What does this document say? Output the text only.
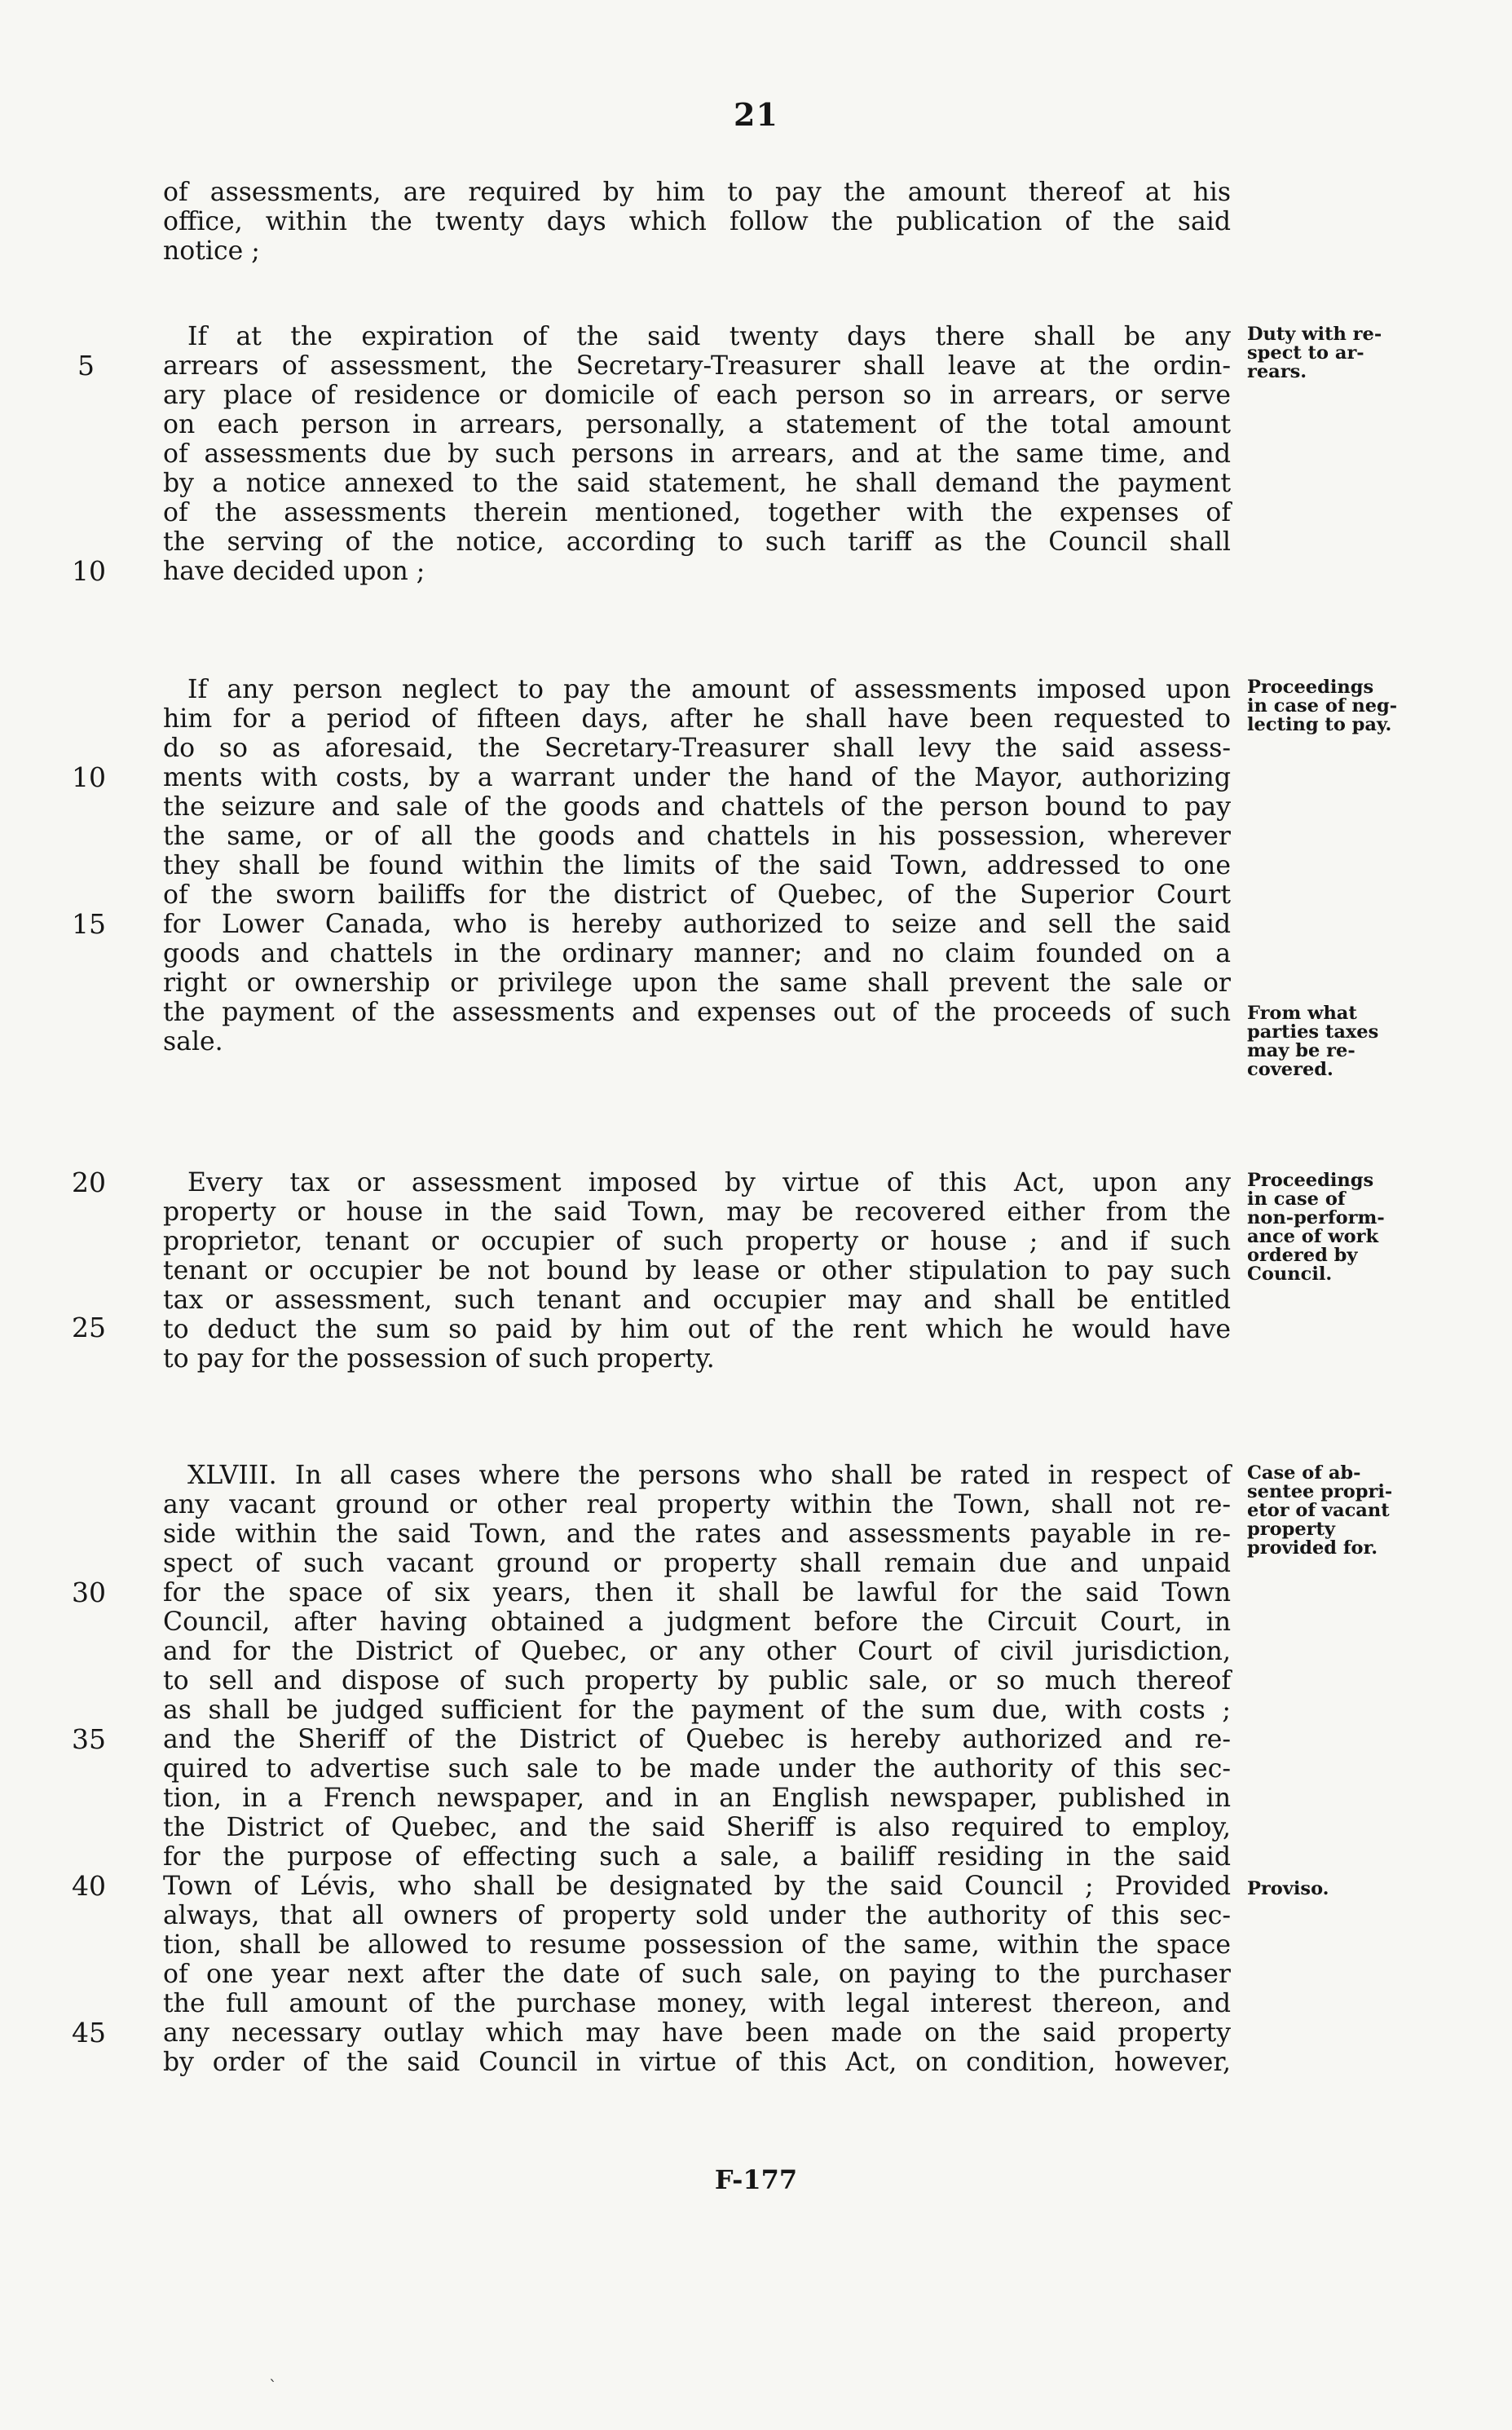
21
of assessments, are required by him to pay the amount thereof at his
office, within the twenty days which follow the publication of the said
notice ;
If at the expiration of the said twenty days there shall be any
arrears of assessment, the Secretary-Treasurer shall leave at the ordin-
ary place of residence or domicile of each person so in arrears, or serve
on each person in arrears, personally, a statement of the total amount
of assessments due by such persons in arrears, and at the same time, and
by a notice annexed to the said statement, he shall demand the payment
of the assessments therein mentioned, together with the expenses of
the serving of the notice, according to such tariff as the Council shall
have decided upon ;
If any person neglect to pay the amount of assessments imposed upon
him for a period of fifteen days, after he shall have been requested to
do so as aforesaid, the Secretary-Treasurer shall levy the said assess-
ments with costs, by a warrant under the hand of the Mayor, authorizing
the seizure and sale of the goods and chattels of the person bound to pay
the same, or of all the goods and chattels in his possession, wherever
they shall be found within the limits of the said Town, addressed to one
of the sworn bailiffs for the district of Quebec, of the Superior Court
for Lower Canada, who is hereby authorized to seize and sell the said
goods and chattels in the ordinary manner; and no claim founded on a
right or ownership or privilege upon the same shall prevent the sale or
the payment of the assessments and expenses out of the proceeds of such
sale.
Every tax or assessment imposed by virtue of this Act, upon any
property or house in the said Town, may be recovered either from the
proprietor, tenant or occupier of such property or house ; and if such
tenant or occupier be not bound by lease or other stipulation to pay such
tax or assessment, such tenant and occupier may and shall be entitled
to deduct the sum so paid by him out of the rent which he would have
to pay for the possession of such property.
XLVIII. In all cases where the persons who shall be rated in respect of
any vacant ground or other real property within the Town, shall not re-
side within the said Town, and the rates and assessments payable in re-
spect of such vacant ground or property shall remain due and unpaid
for the space of six years, then it shall be lawful for the said Town
Council, after having obtained a judgment before the Circuit Court, in
and for the District of Quebec, or any other Court of civil jurisdiction,
to sell and dispose of such property by public sale, or so much thereof
as shall be judged sufficient for the payment of the sum due, with costs ;
and the Sheriff of the District of Quebec is hereby authorized and re-
quired to advertise such sale to be made under the authority of this sec-
tion, in a French newspaper, and in an English newspaper, published in
the District of Quebec, and the said Sheriff is also required to employ,
for the purpose of effecting such a sale, a bailiff residing in the said
Town of Lévis, who shall be designated by the said Council ; Provided
always, that all owners of property sold under the authority of this sec-
tion, shall be allowed to resume possession of the same, within the space
of one year next after the date of such sale, on paying to the purchaser
the full amount of the purchase money, with legal interest thereon, and
any necessary outlay which may have been made on the said property
by order of the said Council in virtue of this Act, on condition, however,
5
10
10
15
20
25
30
35
40
45
Duty with re-
spect to ar-
rears.
Proceedings
in case of neg-
lecting to pay.
From what
parties taxes
may be re-
covered.
Proceedings
in case of
non-perform-
ance of work
ordered by
Council.
Case of ab-
sentee propri-
etor of vacant
property
provided for.
Proviso.
F-177
`
